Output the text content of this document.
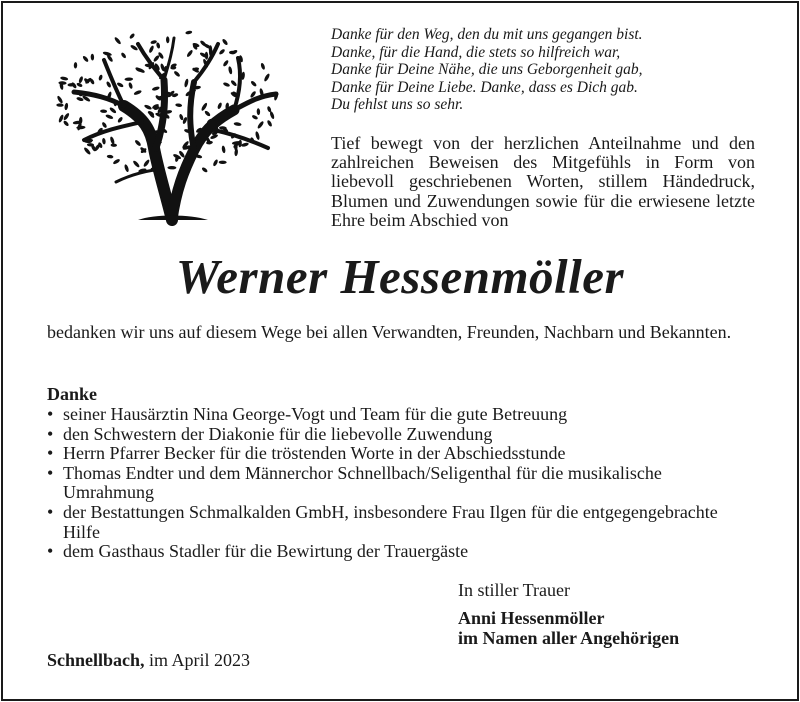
Danke für den Weg, den du mit uns gegangen bist.
Danke, für die Hand, die stets so hilfreich war,
Danke für Deine Nähe, die uns Geborgenheit gab,
Danke für Deine Liebe. Danke, dass es Dich gab.
Du fehlst uns so sehr.
Tief bewegt von der herzlichen Anteilnahme und den zahlreichen Beweisen des Mitgefühls in Form von liebevoll geschriebenen Worten, stillem Händedruck, Blumen und Zuwendungen sowie für die erwiesene letzte Ehre beim Abschied von
Werner Hessenmöller
bedanken wir uns auf diesem Wege bei allen Verwandten, Freunden, Nachbarn und Bekannten.
Danke
• seiner Hausärztin Nina George-Vogt und Team für die gute Betreuung
• den Schwestern der Diakonie für die liebevolle Zuwendung
• Herrn Pfarrer Becker für die tröstenden Worte in der Abschiedsstunde
• Thomas Endter und dem Männerchor Schnellbach/Seligenthal für die musikalische Umrahmung
• der Bestattungen Schmalkalden GmbH, insbesondere Frau Ilgen für die entgegengebrachte Hilfe
• dem Gasthaus Stadler für die Bewirtung der Trauergäste
In stiller Trauer
Anni Hessenmöller
im Namen aller Angehörigen
Schnellbach, im April 2023
